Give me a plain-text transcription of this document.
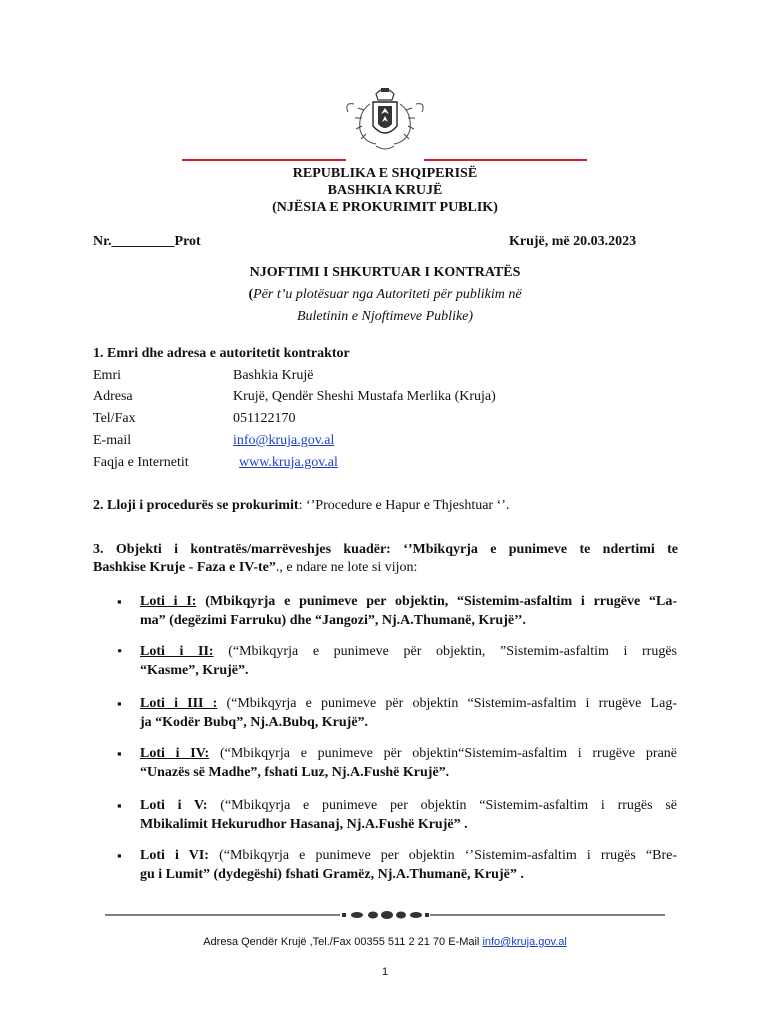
REPUBLIKA E SHQIPERISË
BASHKIA KRUJË
(NJËSIA E PROKURIMIT PUBLIK)
Nr._________Prot	Krujë, më 20.03.2023
NJOFTIMI I SHKURTUAR I KONTRATËS
(Për t’u plotësuar nga Autoriteti për publikim në
Buletinin e Njoftimeve Publike)
1. Emri dhe adresa e autoritetit kontraktor
Emri	Bashkia Krujë
Adresa	Krujë, Qendër Sheshi Mustafa Merlika (Kruja)
Tel/Fax	051122170
E-mail	info@kruja.gov.al
Faqja e Internetit	www.kruja.gov.al
2. Lloji i procedurës se prokurimit: ‘’Procedure e Hapur e Thjeshtuar ‘’.
3. Objekti i kontratës/marrëveshjes kuadër: ‘’Mbikqyrja e punimeve te ndertimi te
Bashkise Kruje - Faza e IV-te”., e ndare ne lote si vijon:
▪ Loti i I: (Mbikqyrja e punimeve per objektin, “Sistemim-asfaltim i rrugëve “La-
ma” (degëzimi Farruku) dhe “Jangozi”, Nj.A.Thumanë, Krujë’’.
• Loti i II: (“Mbikqyrja e punimeve për objektin, ”Sistemim-asfaltim i rrugës
“Kasme”, Krujë”.
▪ Loti i III : (“Mbikqyrja e punimeve për objektin “Sistemim-asfaltim i rrugëve Lag-
ja “Kodër Bubq”, Nj.A.Bubq, Krujë”.
▪ Loti i IV: (“Mbikqyrja e punimeve për objektin“Sistemim-asfaltim i rrugëve pranë
“Unazës së Madhe”, fshati Luz, Nj.A.Fushë Krujë”.
▪ Loti i V: (“Mbikqyrja e punimeve per objektin “Sistemim-asfaltim i rrugës së
Mbikalimit Hekurudhor Hasanaj, Nj.A.Fushë Krujë” .
▪ Loti i VI: (“Mbikqyrja e punimeve per objektin ‘’Sistemim-asfaltim i rrugës “Bre-
gu i Lumit” (dydegëshi) fshati Gramëz, Nj.A.Thumanë, Krujë” .
Adresa Qendër Krujë ,Tel./Fax 00355 511 2 21 70 E-Mail info@kruja.gov.al
1
